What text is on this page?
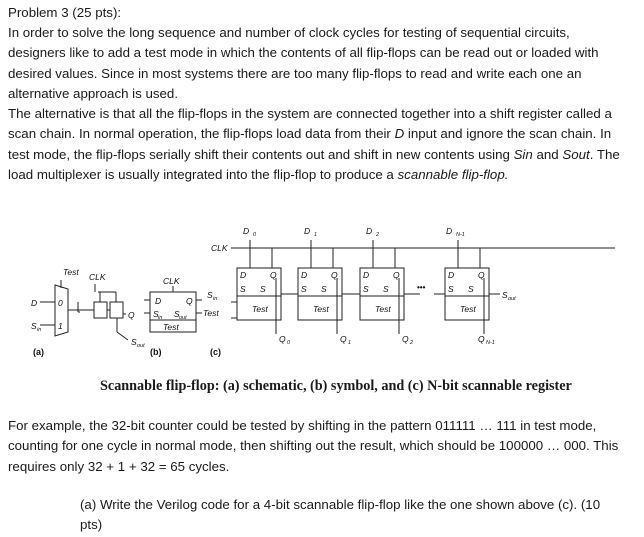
Problem 3 (25 pts):
In order to solve the long sequence and number of clock cycles for testing of sequential circuits, designers like to add a test mode in which the contents of all flip-flops can be read out or loaded with desired values. Since in most systems there are too many flip-flops to read and write each one an alternative approach is used.
The alternative is that all the flip-flops in the system are connected together into a shift register called a scan chain. In normal operation, the flip-flops load data from their D input and ignore the scan chain. In test mode, the flip-flops serially shift their contents out and shift in new contents using Sin and Sout. The load multiplexer is usually integrated into the flip-flop to produce a scannable flip-flop.
Test CLK
D
S
0
1
Q
S
CLK
D	Q
S S
Test
CLK
S
Test
D	D	D	D
D	Q
S S
Test
D	Q
S S
Test
D	Q
S S
Test
D	Q
S S
Test
S
Q	Q	Q	Q
0	1	2	N-1
0	1	2	N-1
in
out
in	out
in	out
•••
(a)	(b)	(c)
Scannable flip-flop: (a) schematic, (b) symbol, and (c) N-bit scannable register
For example, the 32-bit counter could be tested by shifting in the pattern 011111 … 111 in test mode, counting for one cycle in normal mode, then shifting out the result, which should be 100000 … 000. This requires only 32 + 1 + 32 = 65 cycles.
(a) Write the Verilog code for a 4-bit scannable flip-flop like the one shown above (c). (10 pts)
